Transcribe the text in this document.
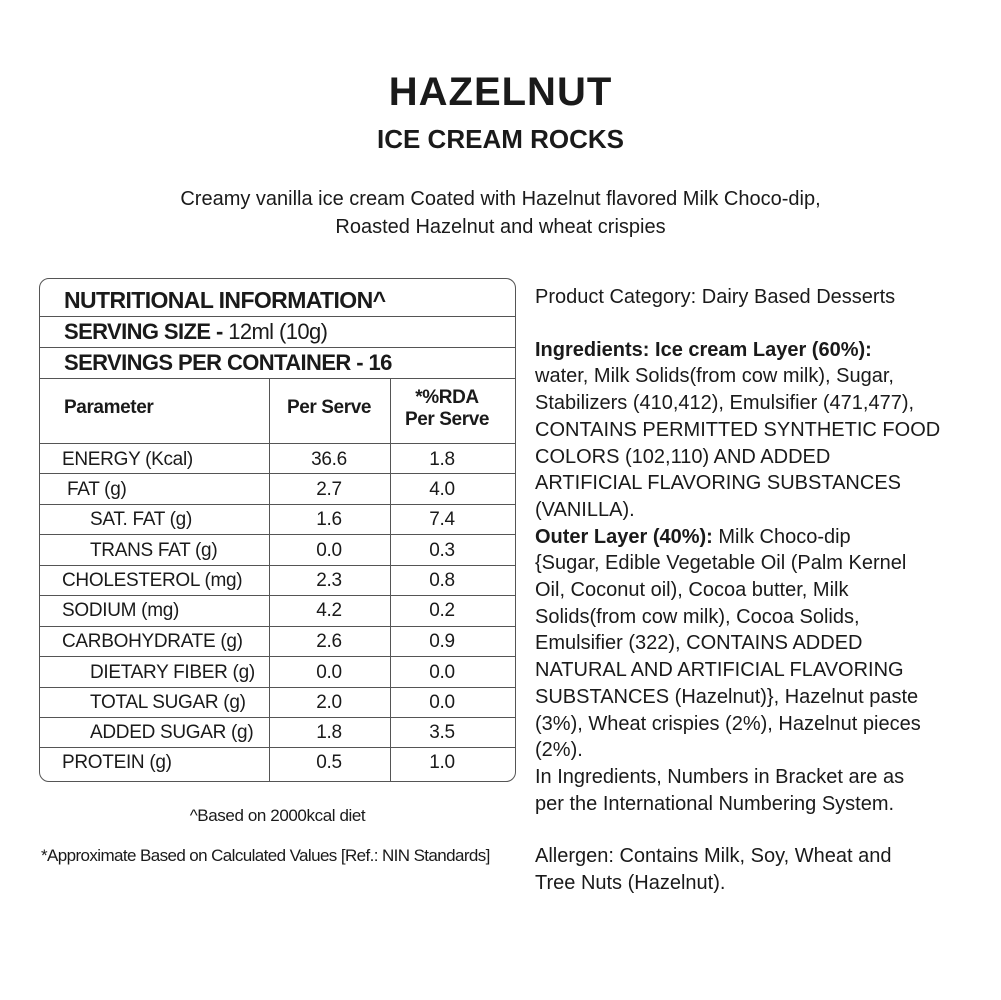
HAZELNUT
ICE CREAM ROCKS
Creamy vanilla ice cream Coated with Hazelnut flavored Milk Choco-dip,
Roasted Hazelnut and wheat crispies
NUTRITIONAL INFORMATION^
SERVING SIZE - 12ml (10g)
SERVINGS PER CONTAINER - 16
Parameter	Per Serve	*%RDA
Per Serve
ENERGY (Kcal)	36.6	1.8
FAT (g)	2.7	4.0
SAT. FAT (g)	1.6	7.4
TRANS FAT (g)	0.0	0.3
CHOLESTEROL (mg)	2.3	0.8
SODIUM (mg)	4.2	0.2
CARBOHYDRATE (g)	2.6	0.9
DIETARY FIBER (g)	0.0	0.0
TOTAL SUGAR (g)	2.0	0.0
ADDED SUGAR (g)	1.8	3.5
PROTEIN (g)	0.5	1.0
^Based on 2000kcal diet
*Approximate Based on Calculated Values [Ref.: NIN Standards]
Product Category: Dairy Based Desserts
Ingredients: Ice cream Layer (60%):
water, Milk Solids(from cow milk), Sugar,
Stabilizers (410,412), Emulsifier (471,477),
CONTAINS PERMITTED SYNTHETIC FOOD
COLORS (102,110) AND ADDED
ARTIFICIAL FLAVORING SUBSTANCES
(VANILLA).
Outer Layer (40%): Milk Choco-dip
{Sugar, Edible Vegetable Oil (Palm Kernel
Oil, Coconut oil), Cocoa butter, Milk
Solids(from cow milk), Cocoa Solids,
Emulsifier (322), CONTAINS ADDED
NATURAL AND ARTIFICIAL FLAVORING
SUBSTANCES (Hazelnut)}, Hazelnut paste
(3%), Wheat crispies (2%), Hazelnut pieces
(2%).
In Ingredients, Numbers in Bracket are as
per the International Numbering System.
Allergen: Contains Milk, Soy, Wheat and
Tree Nuts (Hazelnut).
